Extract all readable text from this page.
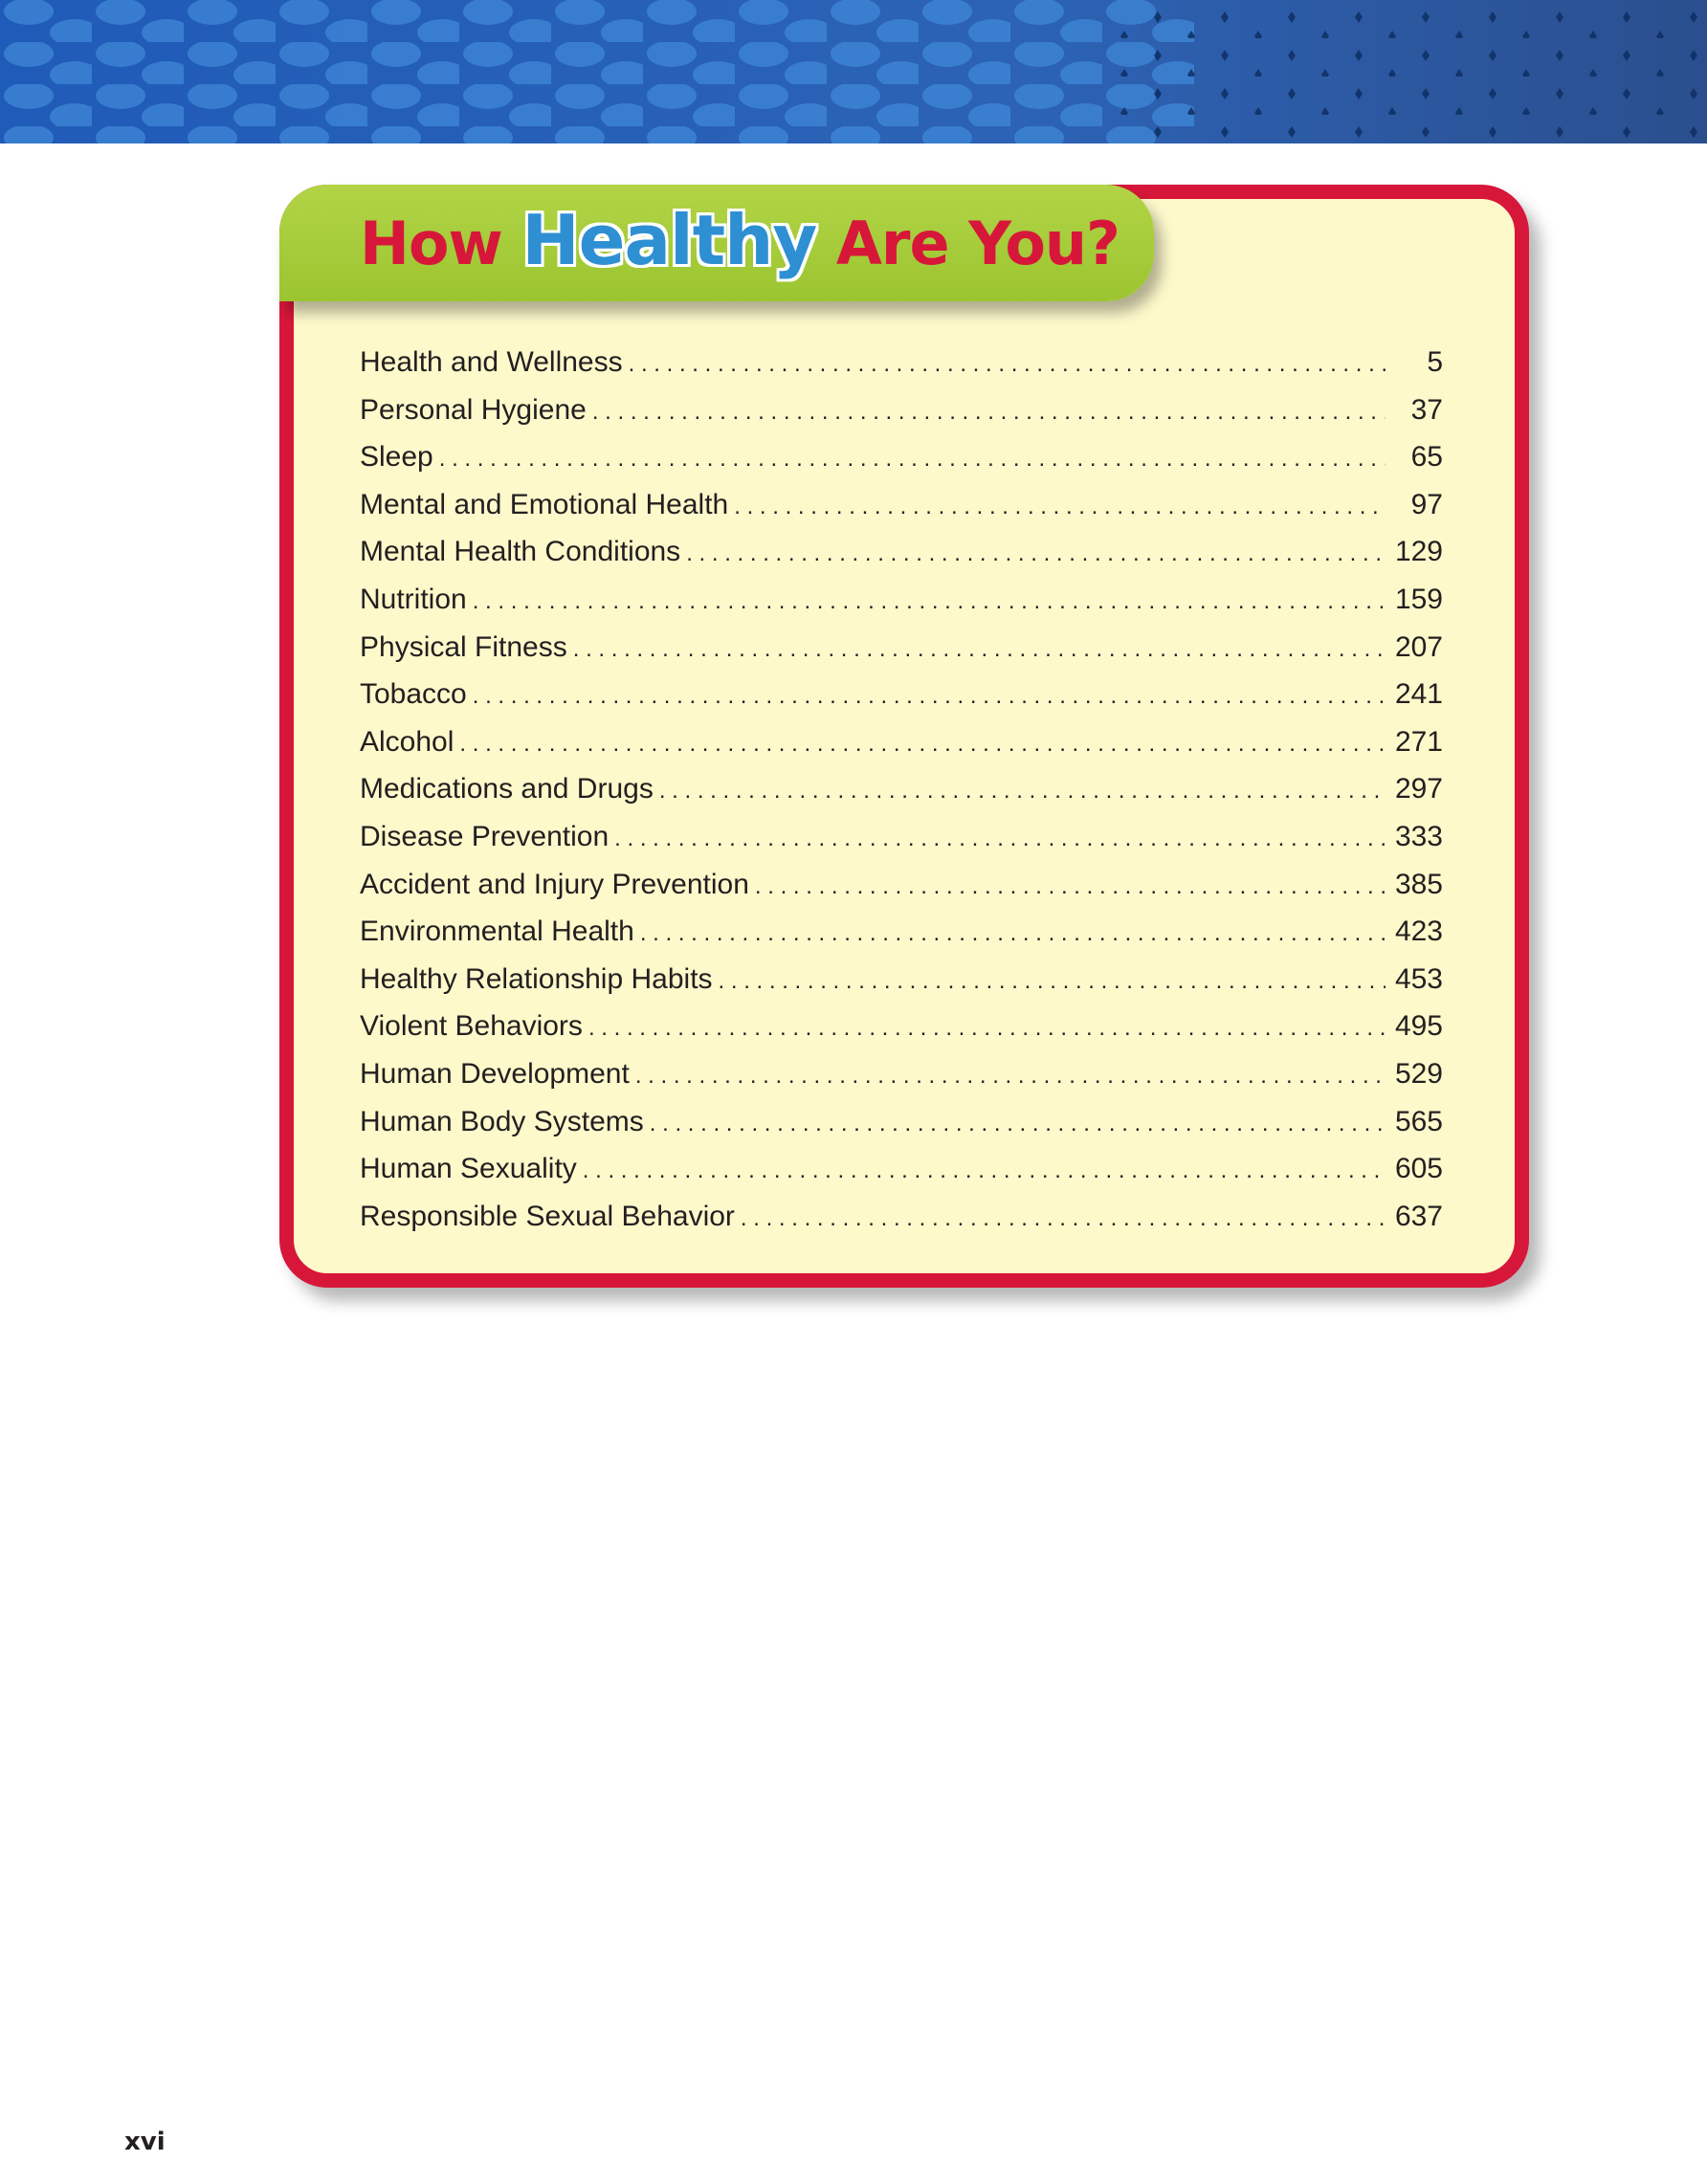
How Healthy Are You?
Health and Wellness . . .	5
Personal Hygiene . . .	37
Sleep . . .	65
Mental and Emotional Health . . .	97
Mental Health Conditions . . .	129
Nutrition . . .	159
Physical Fitness . . .	207
Tobacco . . .	241
Alcohol . . .	271
Medications and Drugs . . .	297
Disease Prevention . . .	333
Accident and Injury Prevention . . .	385
Environmental Health . . .	423
Healthy Relationship Habits . . .	453
Violent Behaviors . . .	495
Human Development . . .	529
Human Body Systems . . .	565
Human Sexuality . . .	605
Responsible Sexual Behavior . . .	637
xvi
